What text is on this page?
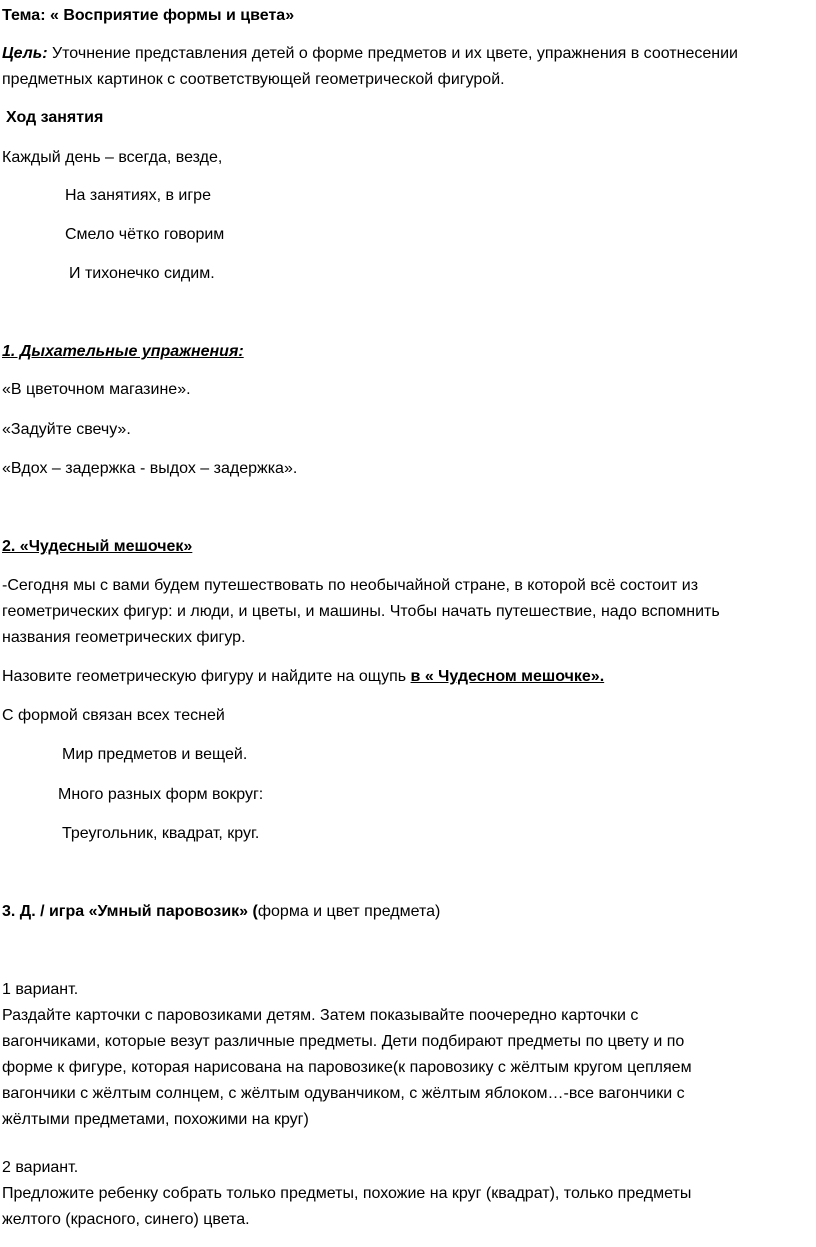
Тема: « Восприятие формы и цвета»
Цель: Уточнение представления детей о форме предметов и их цвете, упражнения в соотнесении
предметных картинок с соответствующей геометрической фигурой.
Ход занятия
Каждый день – всегда, везде,
На занятиях, в игре
Смело чётко говорим
И тихонечко сидим.
1. Дыхательные упражнения:
«В цветочном магазине».
«Задуйте свечу».
«Вдох – задержка - выдох – задержка».
2. «Чудесный мешочек»
-Сегодня мы с вами будем путешествовать по необычайной стране, в которой всё состоит из
геометрических фигур: и люди, и цветы, и машины. Чтобы начать путешествие, надо вспомнить
названия геометрических фигур.
Назовите геометрическую фигуру и найдите на ощупь в « Чудесном мешочке».
С формой связан всех тесней
Мир предметов и вещей.
Много разных форм вокруг:
Треугольник, квадрат, круг.
3. Д. / игра «Умный паровозик» (форма и цвет предмета)
1 вариант.
Раздайте карточки с паровозиками детям. Затем показывайте поочередно карточки с
вагончиками, которые везут различные предметы. Дети подбирают предметы по цвету и по
форме к фигуре, которая нарисована на паровозике(к паровозику с жёлтым кругом цепляем
вагончики с жёлтым солнцем, с жёлтым одуванчиком, с жёлтым яблоком…-все вагончики с
жёлтыми предметами, похожими на круг)
2 вариант.
Предложите ребенку собрать только предметы, похожие на круг (квадрат), только предметы
желтого (красного, синего) цвета.
